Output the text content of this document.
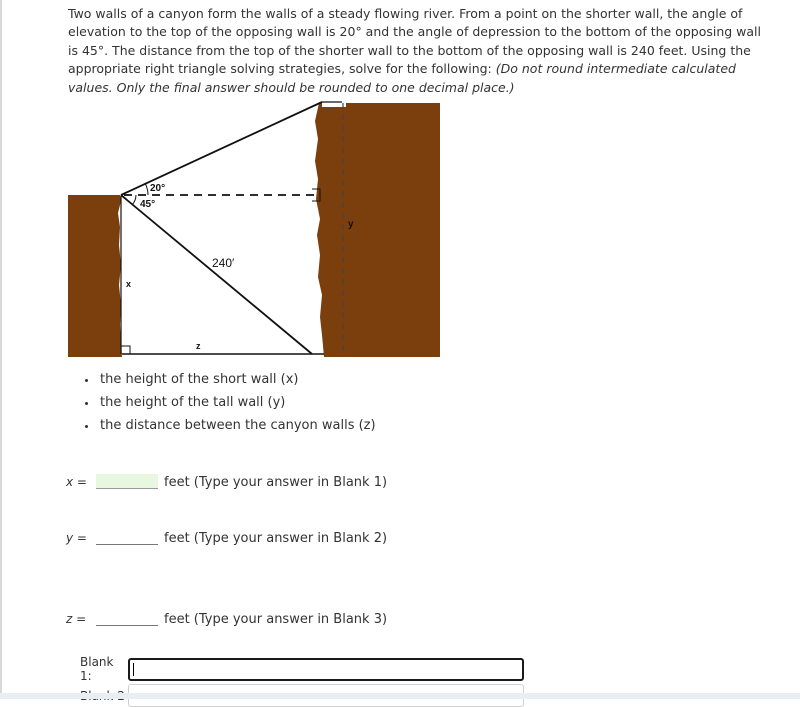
Two walls of a canyon form the walls of a steady flowing river. From a point on the shorter wall, the angle of elevation to the top of the opposing wall is 20° and the angle of depression to the bottom of the opposing wall is 45°. The distance from the top of the shorter wall to the bottom of the opposing wall is 240 feet. Using the appropriate right triangle solving strategies, solve for the following: (Do not round intermediate calculated values. Only the final answer should be rounded to one decimal place.)
20°
45°
240′
x
y
z
• the height of the short wall (x)
• the height of the tall wall (y)
• the distance between the canyon walls (z)
x =	feet (Type your answer in Blank 1)
y =	feet (Type your answer in Blank 2)
z =	feet (Type your answer in Blank 3)
Blank 1:
